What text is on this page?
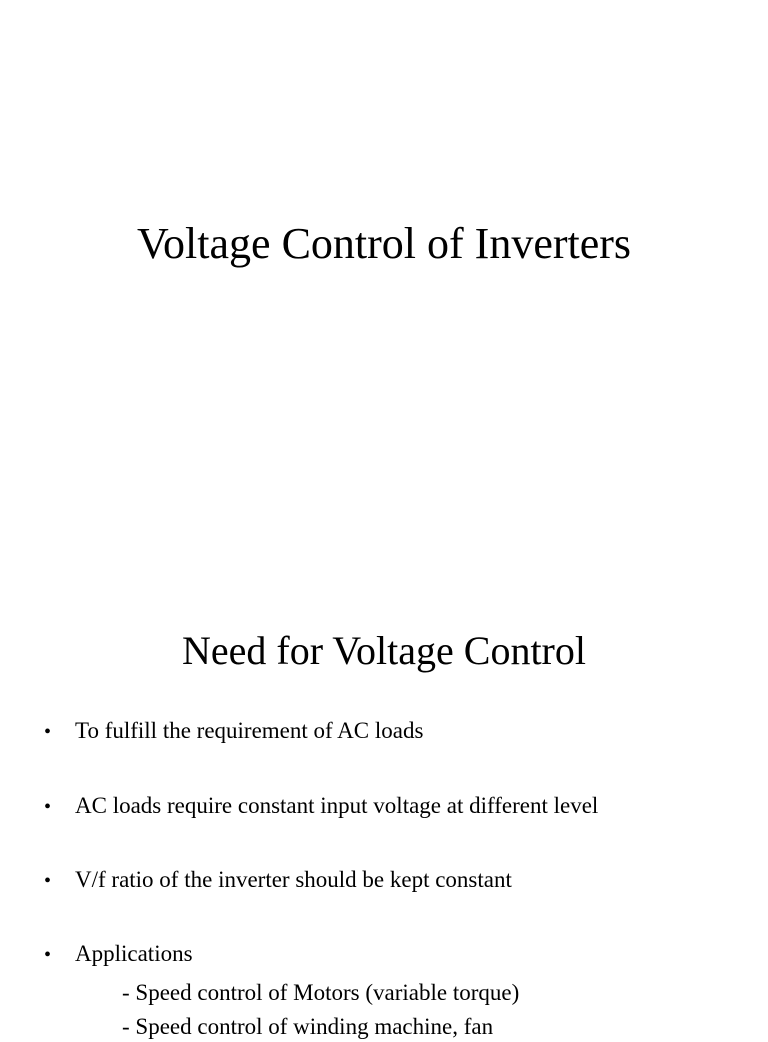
Voltage Control of Inverters
Need for Voltage Control
• To fulfill the requirement of AC loads
• AC loads require constant input voltage at different level
• V/f ratio of the inverter should be kept constant
• Applications
- Speed control of Motors (variable torque)
- Speed control of winding machine, fan
